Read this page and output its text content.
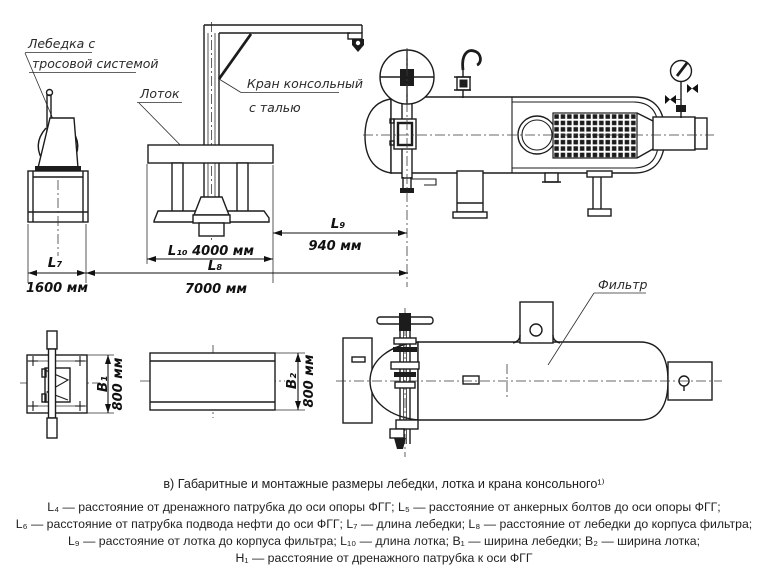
Лебедка с
тросовой системой
Кран консольный
с талью
Лоток
L₉
940 мм
L₁₀ 4000 мм
L₇
1600 мм
L₈
7000 мм
B₁ 800 мм	B₂ 800 мм
Фильтр
в) Габаритные и монтажные размеры лебедки, лотка и крана консольного¹⁾

L₄ — расстояние от дренажного патрубка до оси опоры ФГГ; L₅ — расстояние от анкерных болтов до оси опоры ФГГ;

L₆ — расстояние от патрубка подвода нефти до оси ФГГ; L₇ — длина лебедки; L₈ — расстояние от лебедки до корпуса фильтра;

L₉ — расстояние от лотка до корпуса фильтра; L₁₀ — длина лотка; B₁ — ширина лебедки; B₂ — ширина лотка;

H₁ — расстояние от дренажного патрубка к оси ФГГ
